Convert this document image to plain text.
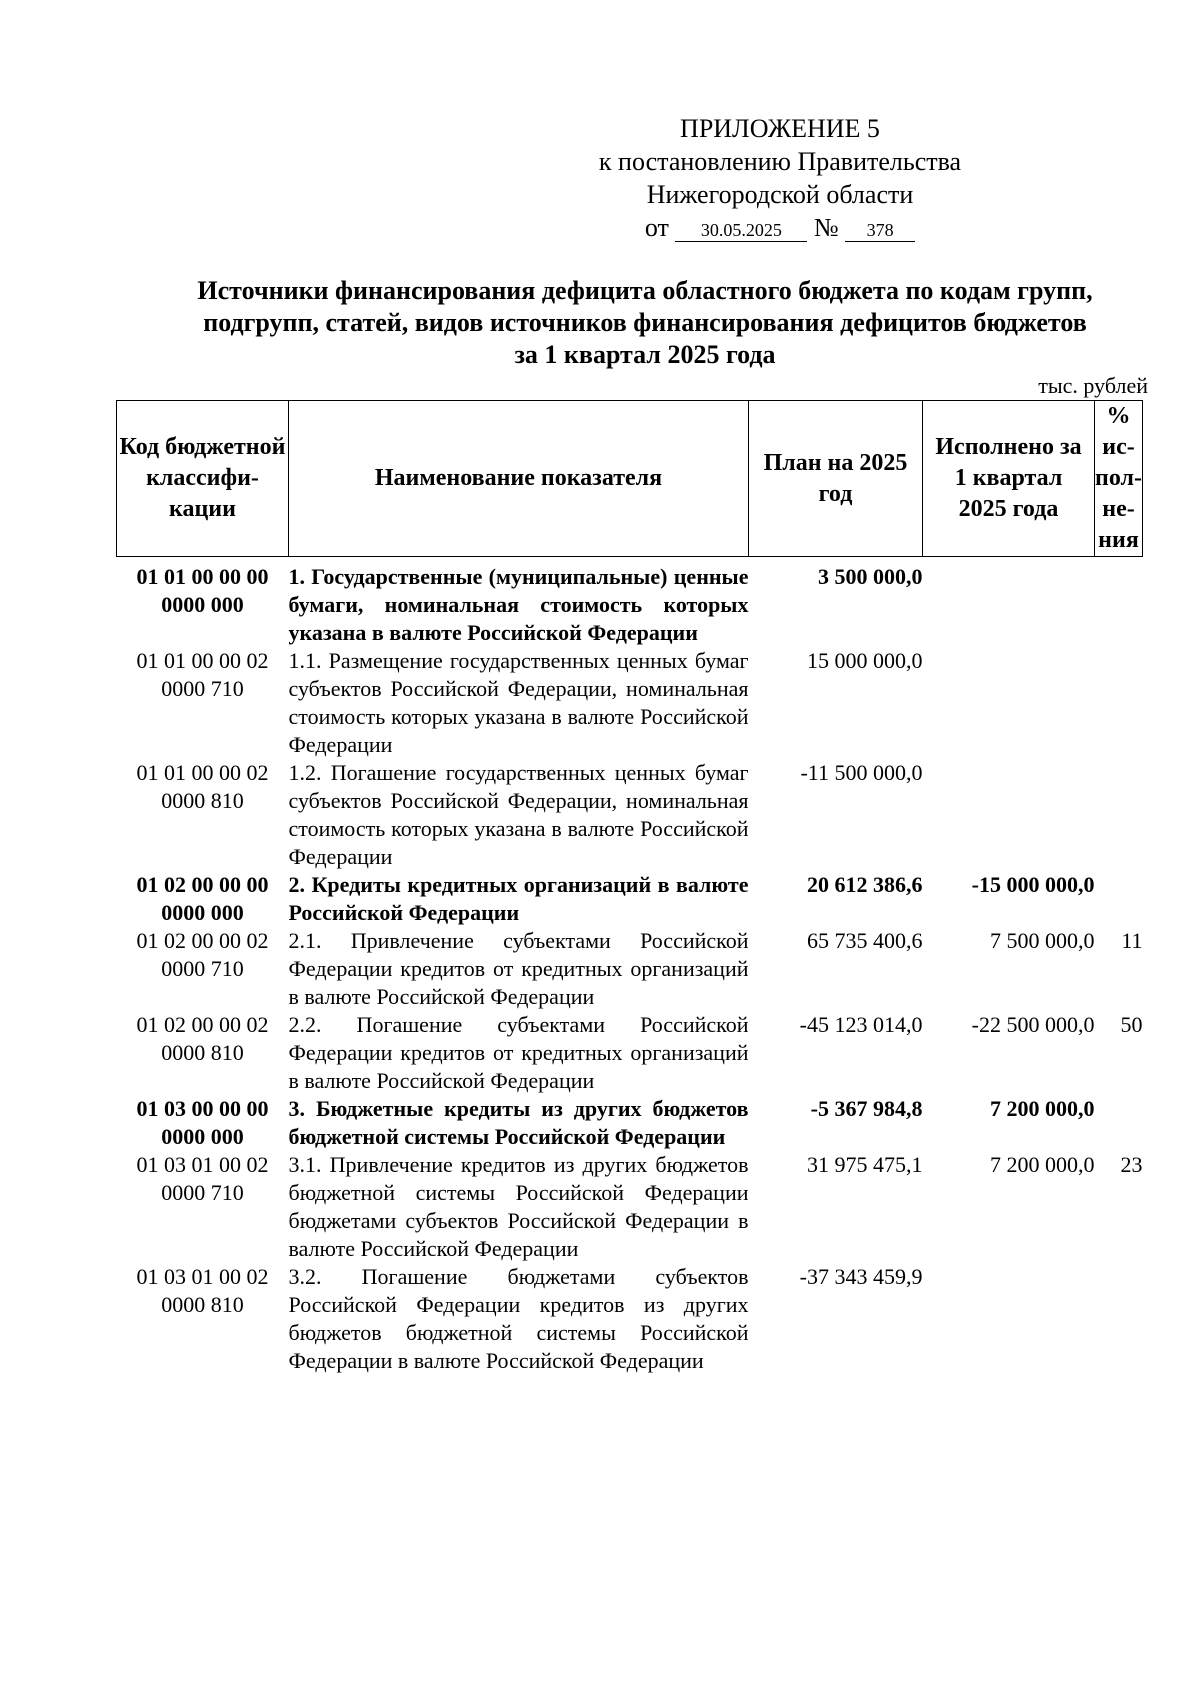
ПРИЛОЖЕНИЕ 5
к постановлению Правительства
Нижегородской области
от 30.05.2025 № 378
Источники финансирования дефицита областного бюджета по кодам групп,
подгрупп, статей, видов источников финансирования дефицитов бюджетов
за 1 квартал 2025 года
тыс. рублей
Код бюджетной классифи-кации	Наименование показателя	План на 2025 год	Исполнено за 1 квартал 2025 года	% ис-пол-не-ния
01 01 00 00 00 0000 000	1. Государственные (муниципальные) ценные бумаги, номинальная стоимость которых указана в валюте Российской Федерации	3 500 000,0		
01 01 00 00 02 0000 710	1.1. Размещение государственных ценных бумаг субъектов Российской Федерации, номинальная стоимость которых указана в валюте Российской Федерации	15 000 000,0		
01 01 00 00 02 0000 810	1.2. Погашение государственных ценных бумаг субъектов Российской Федерации, номинальная стоимость которых указана в валюте Российской Федерации	-11 500 000,0		
01 02 00 00 00 0000 000	2. Кредиты кредитных организаций в валюте Российской Федерации	20 612 386,6	-15 000 000,0	
01 02 00 00 02 0000 710	2.1. Привлечение субъектами Российской Федерации кредитов от кредитных организаций в валюте Российской Федерации	65 735 400,6	7 500 000,0	11
01 02 00 00 02 0000 810	2.2. Погашение субъектами Российской Федерации кредитов от кредитных организаций в валюте Российской Федерации	-45 123 014,0	-22 500 000,0	50
01 03 00 00 00 0000 000	3. Бюджетные кредиты из других бюджетов бюджетной системы Российской Федерации	-5 367 984,8	7 200 000,0	
01 03 01 00 02 0000 710	3.1. Привлечение кредитов из других бюджетов бюджетной системы Российской Федерации бюджетами субъектов Российской Федерации в валюте Российской Федерации	31 975 475,1	7 200 000,0	23
01 03 01 00 02 0000 810	3.2. Погашение бюджетами субъектов Российской Федерации кредитов из других бюджетов бюджетной системы Российской Федерации в валюте Российской Федерации	-37 343 459,9		
